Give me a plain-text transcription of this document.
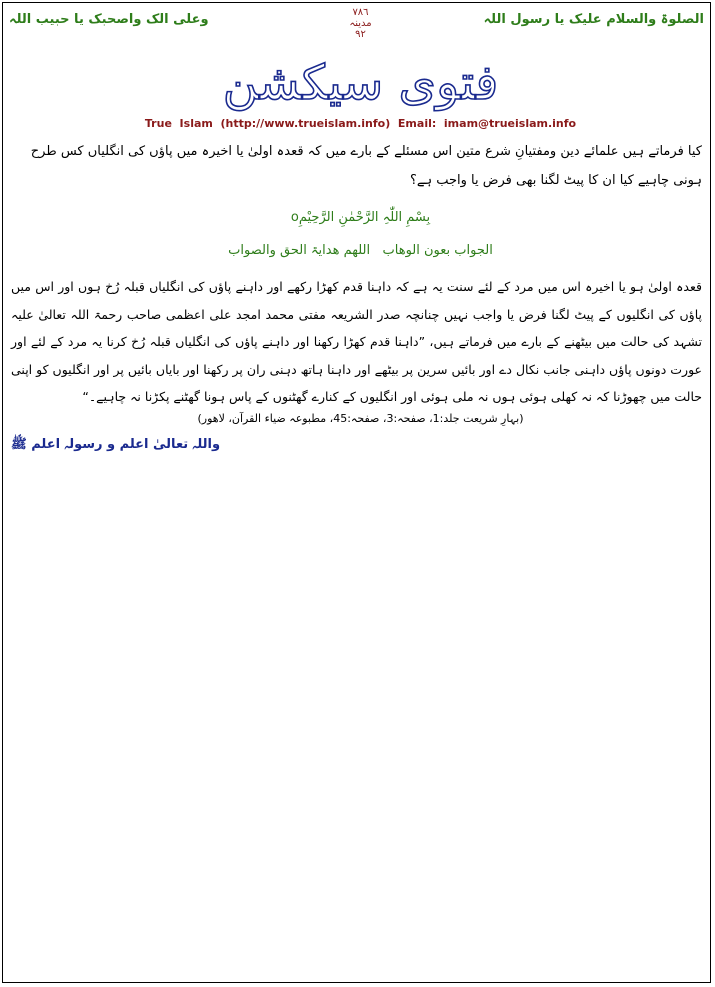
الصلوۃ والسلام علیک یا رسول اللہ
٧٨٦
مدینہ
٩٢
وعلی الک واصحبک یا حبیب اللہ
فتوی سیکشن
True  Islam  (http://www.trueislam.info)  Email:  imam@trueislam.info
کیا فرماتے ہیں علمائے دین ومفتیانِ شرع متین اس مسئلے کے بارے میں کہ قعدہ اولیٰ یا اخیرہ میں پاؤں کی انگلیاں کس طرح ہونی چاہیے کیا ان کا پیٹ لگنا بھی فرض یا واجب ہے؟
بِسْمِ اللّٰہِ الرَّحْمٰنِ الرَّحِیْمِo
الجواب بعون الوھاب   اللھم ھدایۃ الحق والصواب
قعدہ اولیٰ ہو یا اخیرہ اس میں مرد کے لئے سنت یہ ہے کہ داہنا قدم کھڑا رکھے اور داہنے پاؤں کی انگلیاں قبلہ رُخ ہوں اور اس میں پاؤں کی انگلیوں کے پیٹ لگنا فرض یا واجب نہیں چنانچہ صدر الشریعہ مفتی محمد امجد علی اعظمی صاحب رحمۃ اللہ تعالیٰ علیہ تشہد کی حالت میں بیٹھنے کے بارے میں فرماتے ہیں، ”داہنا قدم کھڑا رکھنا اور داہنے پاؤں کی انگلیاں قبلہ رُخ کرنا یہ مرد کے لئے اور عورت دونوں پاؤں داہنی جانب نکال دے اور بائیں سرین پر بیٹھے اور داہنا ہاتھ دہنی ران پر رکھنا اور بایاں بائیں پر اور انگلیوں کو اپنی حالت میں چھوڑنا کہ نہ کھلی ہوئی ہوں نہ ملی ہوئی اور انگلیوں کے کنارے گھٹنوں کے پاس ہونا گھٹنے پکڑنا نہ چاہیے۔“
(بہارِ شریعت جلد:1، صفحہ:3، صفحہ:45، مطبوعہ ضیاء القرآن، لاھور)
واللہ تعالیٰ اعلم و رسولہ اعلم ﷺ
